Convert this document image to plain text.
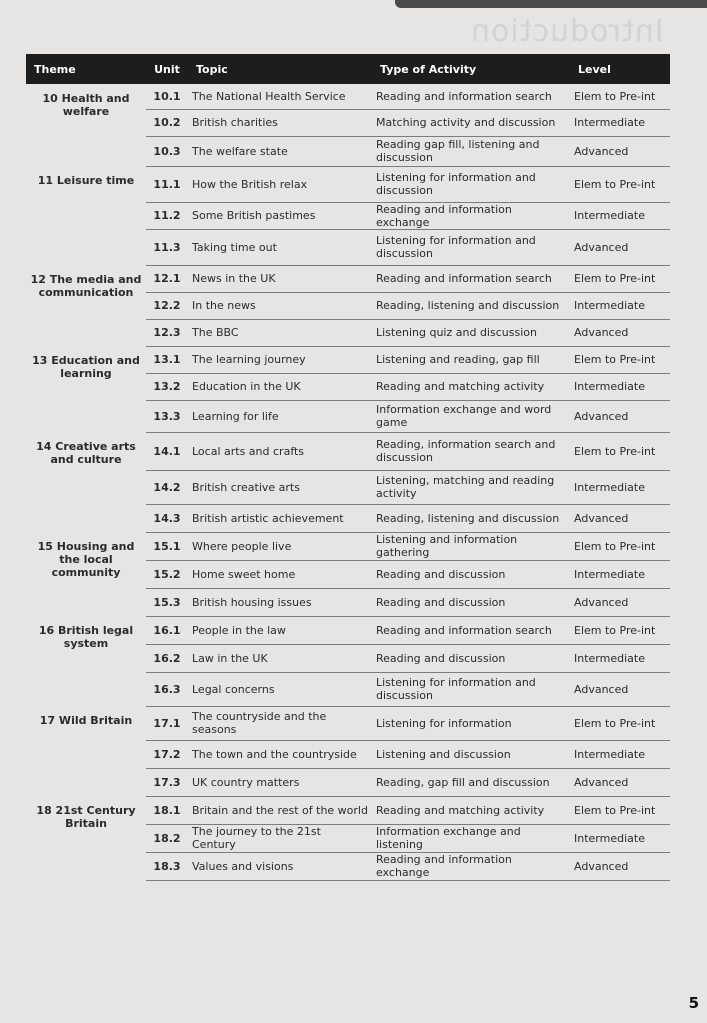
Introduction
Theme	Unit	Topic	Type of Activity	Level
10 Health and welfare	10.1	The National Health Service	Reading and information search	Elem to Pre-int
	10.2	British charities	Matching activity and discussion	Intermediate
	10.3	The welfare state	Reading gap fill, listening and discussion	Advanced
11 Leisure time	11.1	How the British relax	Listening for information and discussion	Elem to Pre-int
	11.2	Some British pastimes	Reading and information exchange	Intermediate
	11.3	Taking time out	Listening for information and discussion	Advanced
12 The media and communication	12.1	News in the UK	Reading and information search	Elem to Pre-int
	12.2	In the news	Reading, listening and discussion	Intermediate
	12.3	The BBC	Listening quiz and discussion	Advanced
13 Education and learning	13.1	The learning journey	Listening and reading, gap fill	Elem to Pre-int
	13.2	Education in the UK	Reading and matching activity	Intermediate
	13.3	Learning for life	Information exchange and word game	Advanced
14 Creative arts and culture	14.1	Local arts and crafts	Reading, information search and discussion	Elem to Pre-int
	14.2	British creative arts	Listening, matching and reading activity	Intermediate
	14.3	British artistic achievement	Reading, listening and discussion	Advanced
15 Housing and the local community	15.1	Where people live	Listening and information gathering	Elem to Pre-int
	15.2	Home sweet home	Reading and discussion	Intermediate
	15.3	British housing issues	Reading and discussion	Advanced
16 British legal system	16.1	People in the law	Reading and information search	Elem to Pre-int
	16.2	Law in the UK	Reading and discussion	Intermediate
	16.3	Legal concerns	Listening for information and discussion	Advanced
17 Wild Britain	17.1	The countryside and the seasons	Listening for information	Elem to Pre-int
	17.2	The town and the countryside	Listening and discussion	Intermediate
	17.3	UK country matters	Reading, gap fill and discussion	Advanced
18 21st Century Britain	18.1	Britain and the rest of the world	Reading and matching activity	Elem to Pre-int
	18.2	The journey to the 21st Century	Information exchange and listening	Intermediate
	18.3	Values and visions	Reading and information exchange	Advanced
5
